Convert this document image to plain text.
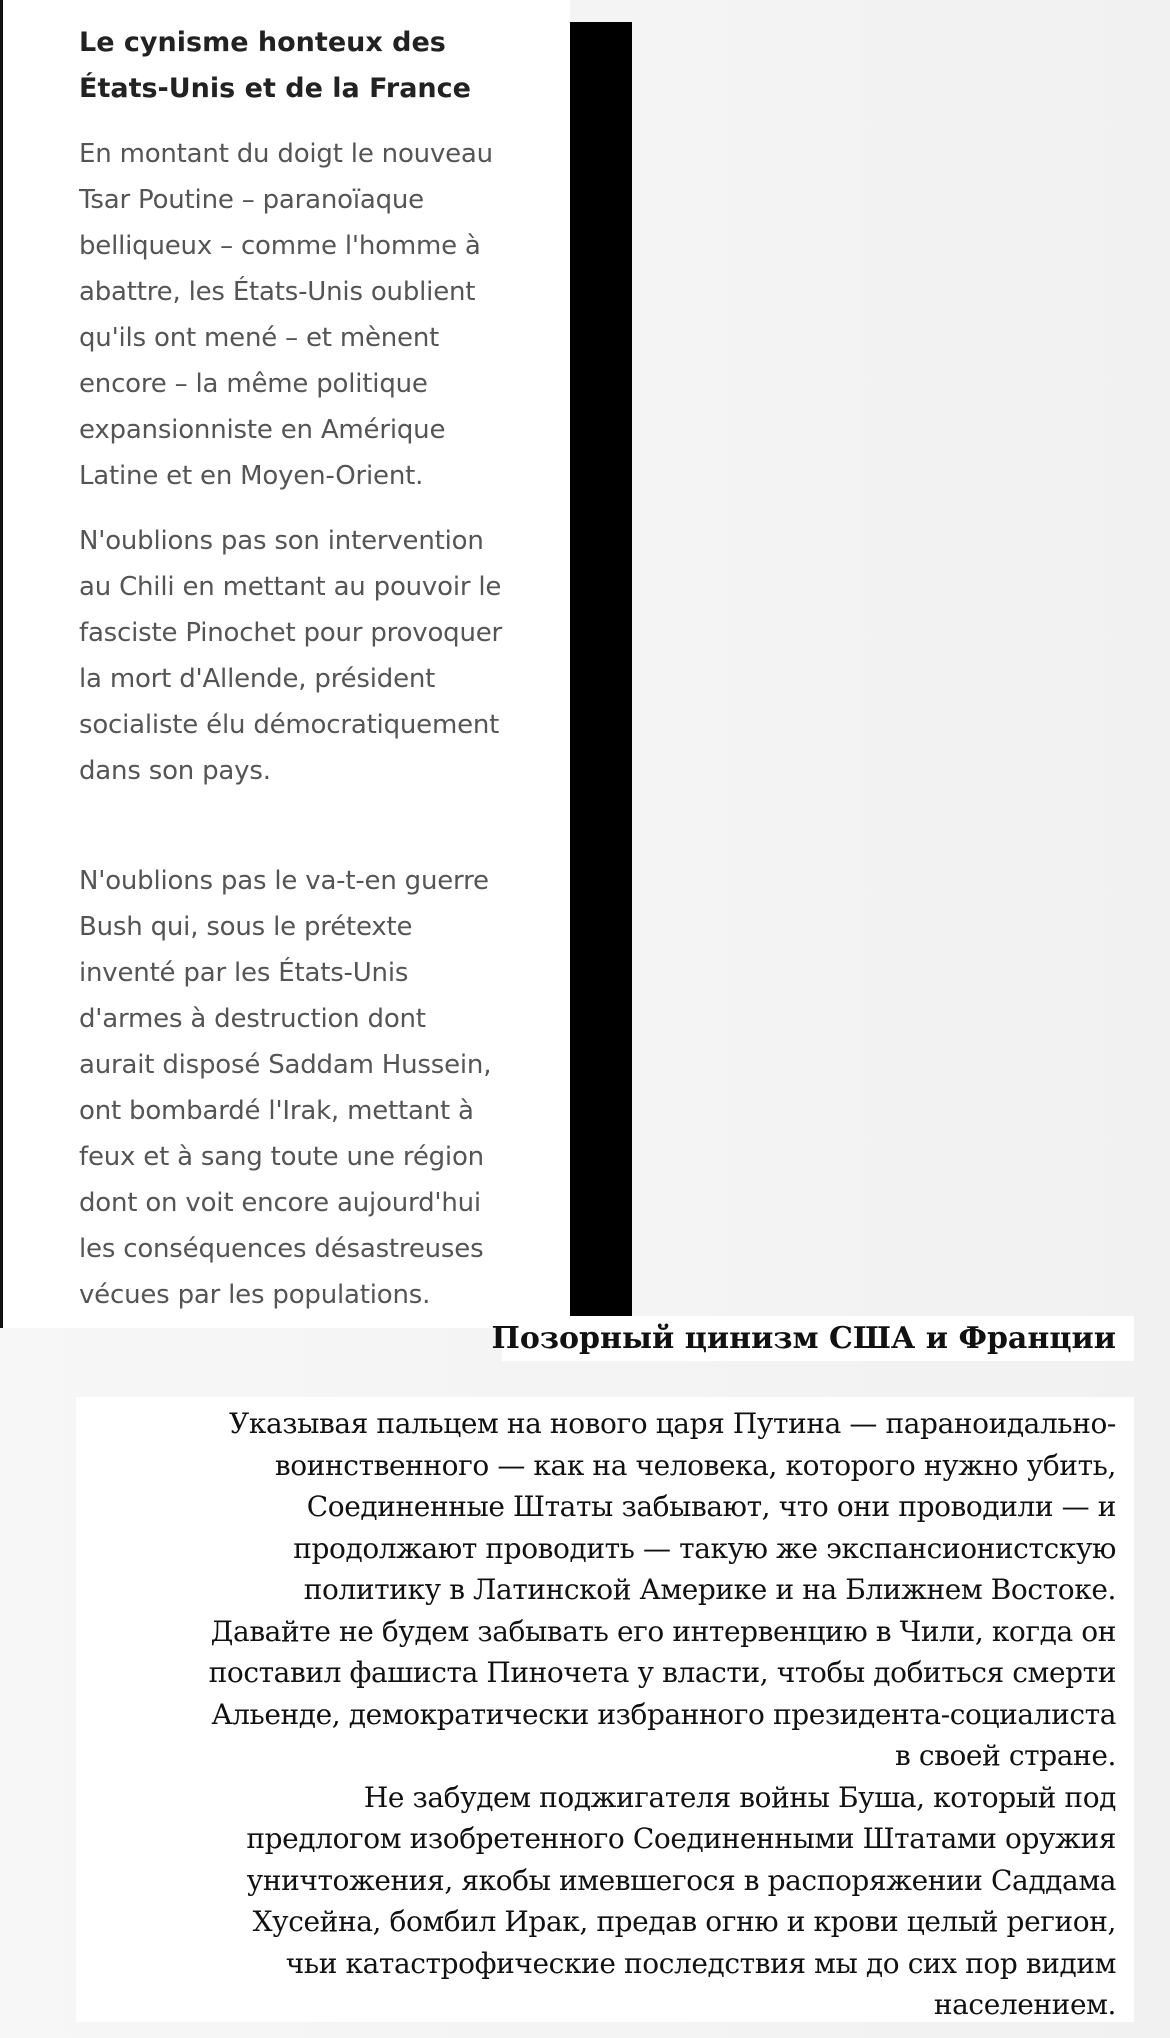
Le cynisme honteux des États-Unis et de la France

En montant du doigt le nouveau Tsar Poutine – paranoïaque belliqueux – comme l'homme à abattre, les États-Unis oublient qu'ils ont mené – et mènent encore – la même politique expansionniste en Amérique Latine et en Moyen-Orient.

N'oublions pas son intervention au Chili en mettant au pouvoir le fasciste Pinochet pour provoquer la mort d'Allende, président socialiste élu démocratiquement dans son pays.

N'oublions pas le va-t-en guerre Bush qui, sous le prétexte inventé par les États-Unis d'armes à destruction dont aurait disposé Saddam Hussein, ont bombardé l'Irak, mettant à feux et à sang toute une région dont on voit encore aujourd'hui les conséquences désastreuses vécues par les populations.

Позорный цинизм США и Франции

Указывая пальцем на нового царя Путина — параноидально-
воинственного — как на человека, которого нужно убить,
Соединенные Штаты забывают, что они проводили — и
продолжают проводить — такую же экспансионистскую
политику в Латинской Америке и на Ближнем Востоке.
Давайте не будем забывать его интервенцию в Чили, когда он
поставил фашиста Пиночета у власти, чтобы добиться смерти
Альенде, демократически избранного президента-социалиста
в своей стране.
Не забудем поджигателя войны Буша, который под
предлогом изобретенного Соединенными Штатами оружия
уничтожения, якобы имевшегося в распоряжении Саддама
Хусейна, бомбил Ирак, предав огню и крови целый регион,
чьи катастрофические последствия мы до сих пор видим
населением.
